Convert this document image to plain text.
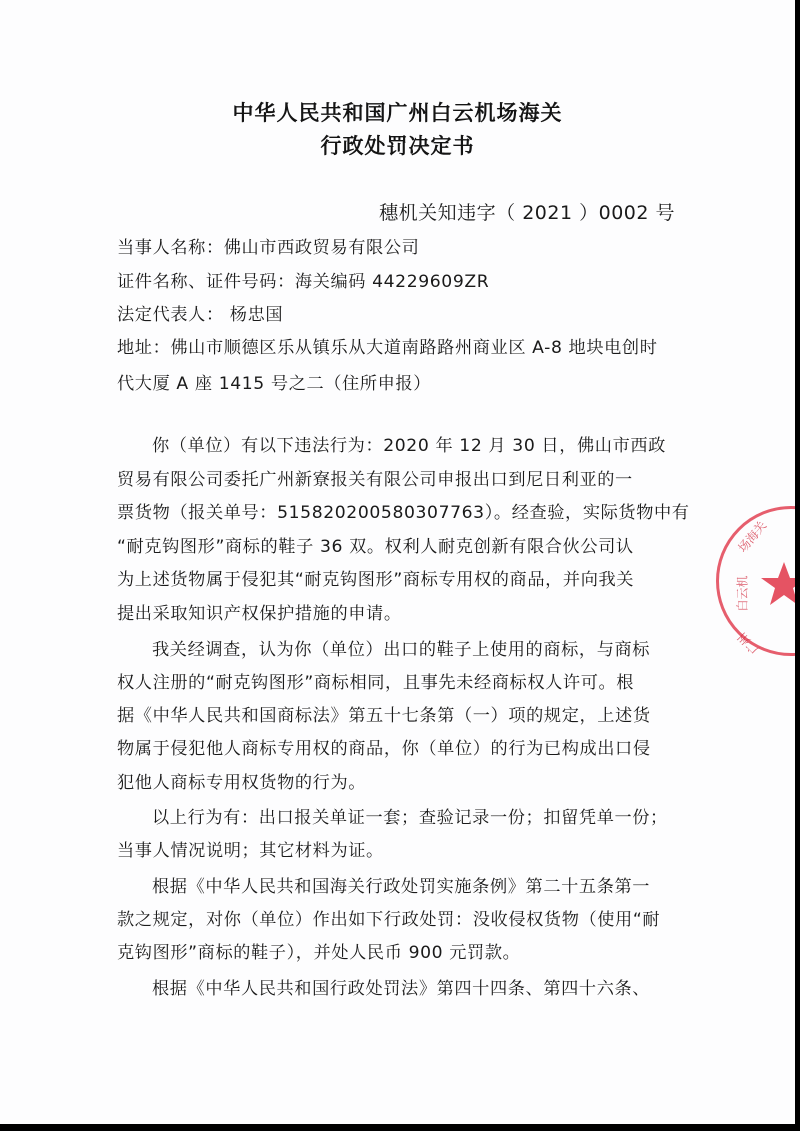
中华人民共和国广州白云机场海关
行政处罚决定书
穗机关知违字（ 2021 ）0002 号
当事人名称：佛山市西政贸易有限公司
证件名称、证件号码：海关编码 44229609ZR
法定代表人： 杨忠国
地址：佛山市顺德区乐从镇乐从大道南路路州商业区 A-8 地块电创时
代大厦 A 座 1415 号之二（住所申报）
你（单位）有以下违法行为：2020 年 12 月 30 日，佛山市西政
贸易有限公司委托广州新寮报关有限公司申报出口到尼日利亚的一
票货物（报关单号：515820200580307763）。经查验，实际货物中有
“耐克钩图形”商标的鞋子 36 双。权利人耐克创新有限合伙公司认
为上述货物属于侵犯其“耐克钩图形”商标专用权的商品，并向我关
提出采取知识产权保护措施的申请。
我关经调查，认为你（单位）出口的鞋子上使用的商标，与商标
权人注册的“耐克钩图形”商标相同，且事先未经商标权人许可。根
据《中华人民共和国商标法》第五十七条第（一）项的规定，上述货
物属于侵犯他人商标专用权的商品，你（单位）的行为已构成出口侵
犯他人商标专用权货物的行为。
以上行为有：出口报关单证一套；查验记录一份；扣留凭单一份；
当事人情况说明；其它材料为证。
根据《中华人民共和国海关行政处罚实施条例》第二十五条第一
款之规定，对你（单位）作出如下行政处罚：没收侵权货物（使用“耐
克钩图形”商标的鞋子），并处人民币 900 元罚款。
根据《中华人民共和国行政处罚法》第四十四条、第四十六条、
场海关
白云机
广州
